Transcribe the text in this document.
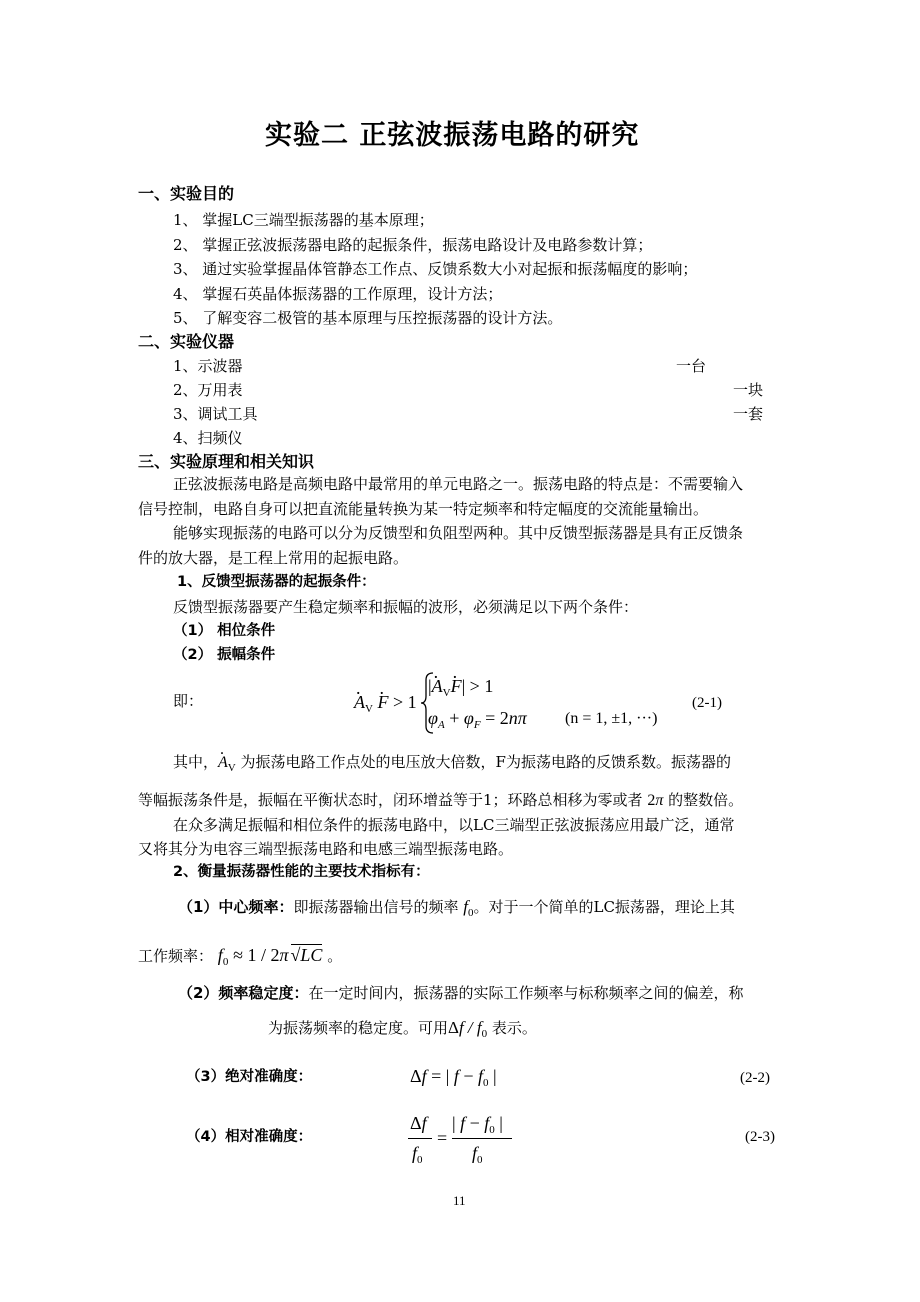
实验二 正弦波振荡电路的研究
一、实验目的
1、 掌握LC三端型振荡器的基本原理；
2、 掌握正弦波振荡器电路的起振条件，振荡电路设计及电路参数计算；
3、 通过实验掌握晶体管静态工作点、反馈系数大小对起振和振荡幅度的影响；
4、 掌握石英晶体振荡器的工作原理，设计方法；
5、 了解变容二极管的基本原理与压控振荡器的设计方法。
二、实验仪器
1、示波器	一台
2、万用表	一块
3、调试工具	一套
4、扫频仪
三、实验原理和相关知识
正弦波振荡电路是高频电路中最常用的单元电路之一。振荡电路的特点是：不需要输入
信号控制，电路自身可以把直流能量转换为某一特定频率和特定幅度的交流能量输出。
能够实现振荡的电路可以分为反馈型和负阻型两种。其中反馈型振荡器是具有正反馈条
件的放大器，是工程上常用的起振电路。
1、反馈型振荡器的起振条件：
反馈型振荡器要产生稳定频率和振幅的波形，必须满足以下两个条件：
（1） 相位条件
（2） 振幅条件
即：	. $A_V$ . F > 1
|. $A_V$. F| > 1
$\varphi_A + \varphi_F = 2n\pi$ (n = 1, ±1, ···)
(2-1)
其中，. $A_V$ 为振荡电路工作点处的电压放大倍数，F为振荡电路的反馈系数。振荡器的
等幅振荡条件是，振幅在平衡状态时，闭环增益等于1；环路总相移为零或者 2π 的整数倍。
在众多满足振幅和相位条件的振荡电路中，以LC三端型正弦波振荡应用最广泛，通常
又将其分为电容三端型振荡电路和电感三端型振荡电路。
2、衡量振荡器性能的主要技术指标有：
（1）中心频率：即振荡器输出信号的频率 $f_0$。对于一个简单的LC振荡器，理论上其
工作频率： $f_0 \approx 1 / 2\pi$ √LC 。
（2）频率稳定度：在一定时间内，振荡器的实际工作频率与标称频率之间的偏差，称
为振荡频率的稳定度。可用Δf / $f_0$ 表示。
（3）绝对准确度：	Δf = | $f - f_0$ |	(2-2)
（4）相对准确度：
Δf
$f_0$
=
| $f - f_0$ |
$f_0$
(2-3)
11
